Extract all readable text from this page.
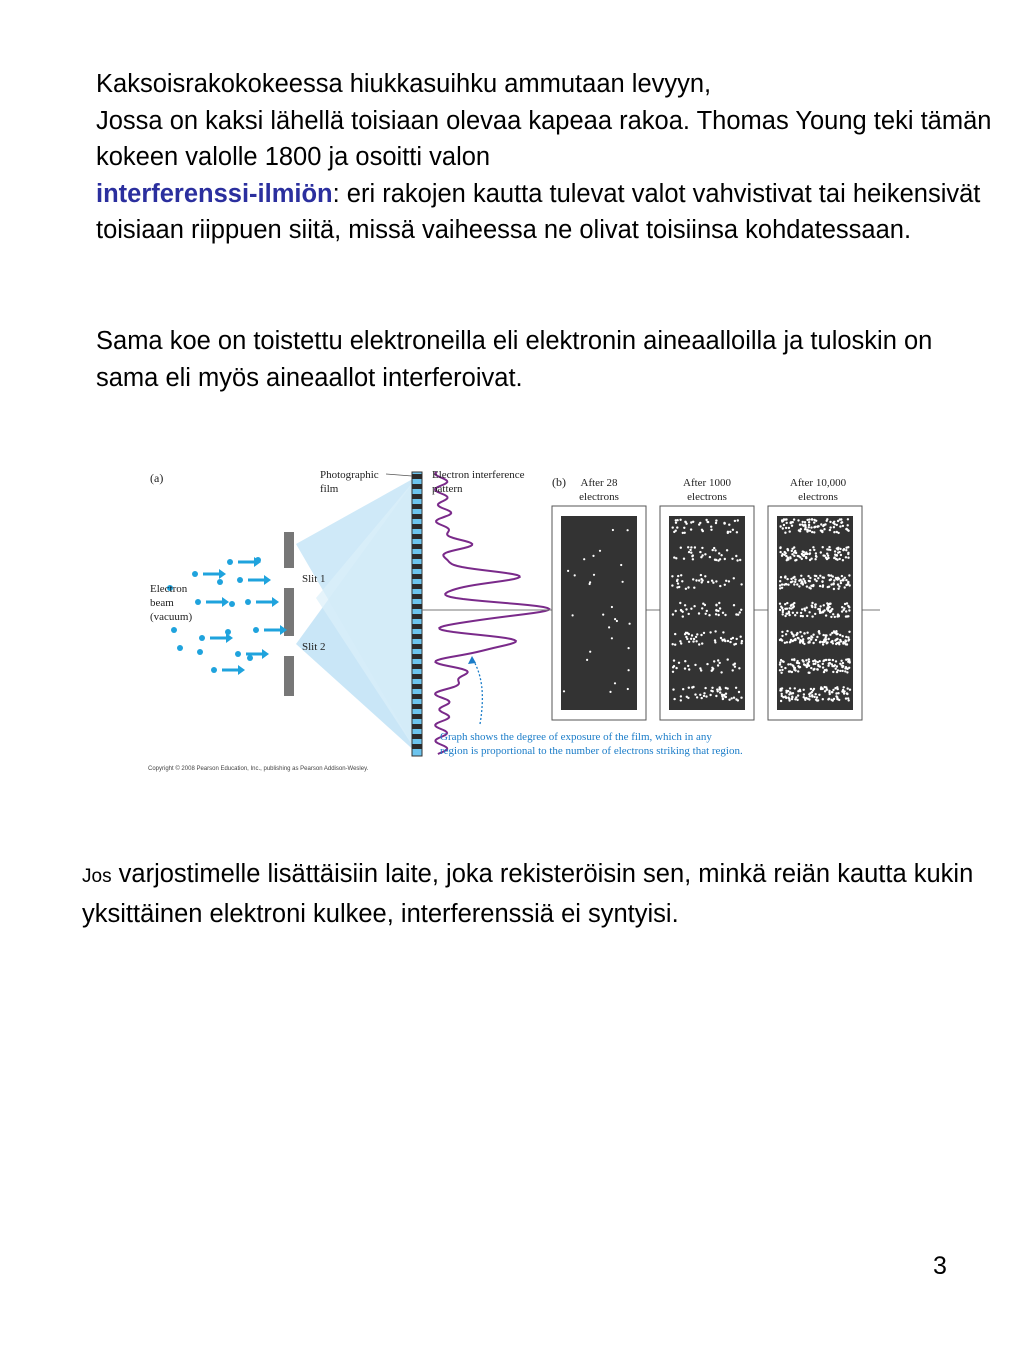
Kaksoisrakokokeessa hiukkasuihku ammutaan levyyn,
Jossa on kaksi lähellä toisiaan olevaa kapeaa rakoa. Thomas Young teki tämän kokeen valolle 1800 ja osoitti valon
interferenssi-ilmiön: eri rakojen kautta tulevat valot vahvistivat tai heikensivät toisiaan riippuen siitä, missä vaiheessa ne olivat toisiinsa kohdatessaan.
Sama koe on toistettu elektroneilla eli elektronin aineaalloilla ja tuloskin on sama eli myös aineaallot interferoivat.
(a)	(b)
Electron
beam
(vacuum)
Slit 1
Slit 2
Photographic
film
Electron interference
pattern	After 28
electrons
After 1000
electrons
After 10,000
electrons
Graph shows the degree of exposure of the film, which in any
region is proportional to the number of electrons striking that region.
Copyright © 2008 Pearson Education, Inc., publishing as Pearson Addison-Wesley.
Jos varjostimelle lisättäisiin laite, joka rekisteröisin sen, minkä reiän kautta kukin yksittäinen elektroni kulkee, interferenssiä ei syntyisi.
3
